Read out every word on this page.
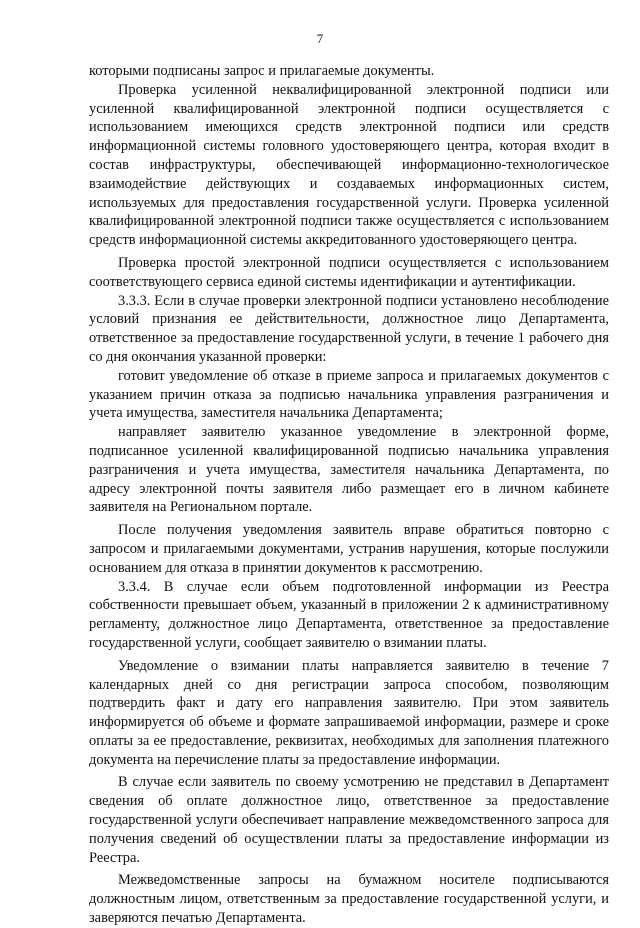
7

которыми подписаны запрос и прилагаемые документы.

Проверка усиленной неквалифицированной электронной подписи или усиленной квалифицированной электронной подписи осуществляется с использованием имеющихся средств электронной подписи или средств информационной системы головного удостоверяющего центра, которая входит в состав инфраструктуры, обеспечивающей информационно-технологическое взаимодействие действующих и создаваемых информационных систем, используемых для предоставления государственной услуги. Проверка усиленной квалифицированной электронной подписи также осуществляется с использованием средств информационной системы аккредитованного удостоверяющего центра.

Проверка простой электронной подписи осуществляется с использованием соответствующего сервиса единой системы идентификации и аутентификации.

3.3.3. Если в случае проверки электронной подписи установлено несоблюдение условий признания ее действительности, должностное лицо Департамента, ответственное за предоставление государственной услуги, в течение 1 рабочего дня со дня окончания указанной проверки:

готовит уведомление об отказе в приеме запроса и прилагаемых документов с указанием причин отказа за подписью начальника управления разграничения и учета имущества, заместителя начальника Департамента;

направляет заявителю указанное уведомление в электронной форме, подписанное усиленной квалифицированной подписью начальника управления разграничения и учета имущества, заместителя начальника Департамента, по адресу электронной почты заявителя либо размещает его в личном кабинете заявителя на Региональном портале.

После получения уведомления заявитель вправе обратиться повторно с запросом и прилагаемыми документами, устранив нарушения, которые послужили основанием для отказа в принятии документов к рассмотрению.

3.3.4. В случае если объем подготовленной информации из Реестра собственности превышает объем, указанный в приложении 2 к административному регламенту, должностное лицо Департамента, ответственное за предоставление государственной услуги, сообщает заявителю о взимании платы.

Уведомление о взимании платы направляется заявителю в течение 7 календарных дней со дня регистрации запроса способом, позволяющим подтвердить факт и дату его направления заявителю. При этом заявитель информируется об объеме и формате запрашиваемой информации, размере и сроке оплаты за ее предоставление, реквизитах, необходимых для заполнения платежного документа на перечисление платы за предоставление информации.

В случае если заявитель по своему усмотрению не представил в Департамент сведения об оплате должностное лицо, ответственное за предоставление государственной услуги обеспечивает направление межведомственного запроса для получения сведений об осуществлении платы за предоставление информации из Реестра.

Межведомственные запросы на бумажном носителе подписываются должностным лицом, ответственным за предоставление государственной услуги, и заверяются печатью Департамента.
